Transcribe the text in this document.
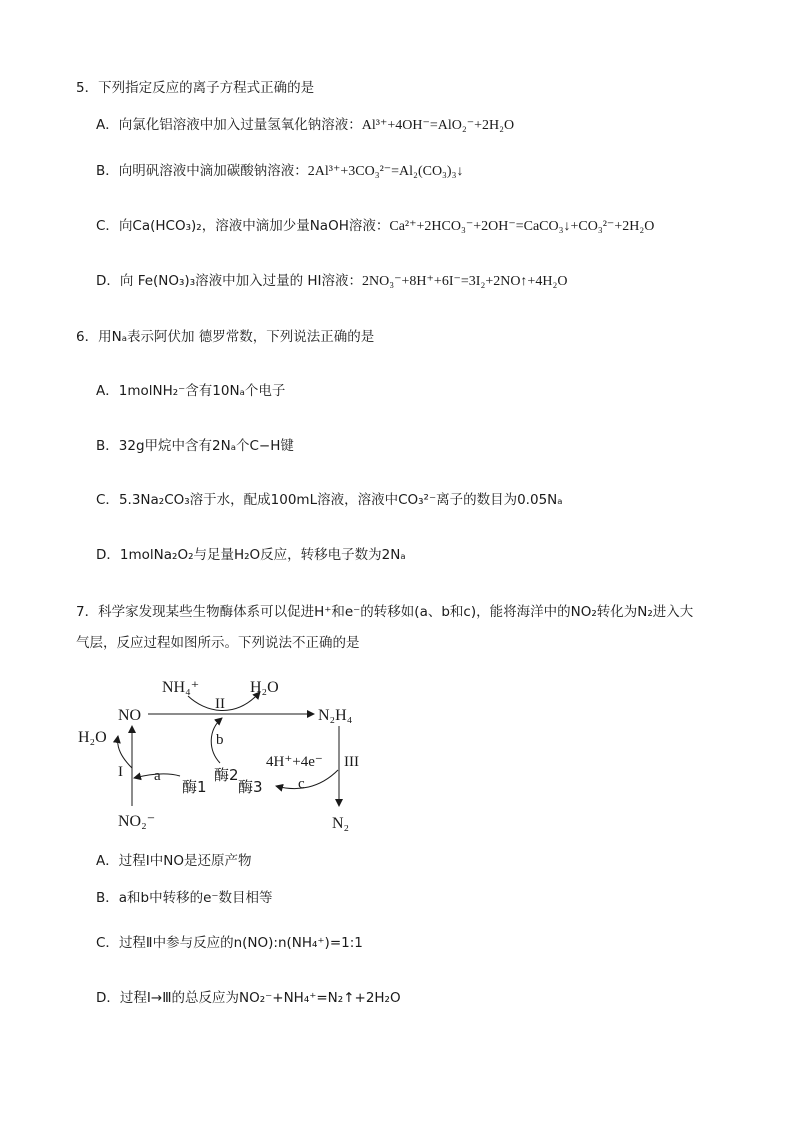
5．下列指定反应的离子方程式正确的是
A．向氯化铝溶液中加入过量氢氧化钠溶液：Al³⁺+4OH⁻=AlO₂⁻+2H₂O
B．向明矾溶液中滴加碳酸钠溶液：2Al³⁺+3CO₃²⁻=Al₂(CO₃)₃↓
C．向Ca(HCO₃)₂，溶液中滴加少量NaOH溶液：Ca²⁺+2HCO₃⁻+2OH⁻=CaCO₃↓+CO₃²⁻+2H₂O
D．向 Fe(NO₃)₃溶液中加入过量的 HI溶液：2NO₃⁻+8H⁺+6I⁻=3I₂+2NO↑+4H₂O
6．用Nₐ表示阿伏加 德罗常数，下列说法正确的是
A．1molNH₂⁻含有10Nₐ个电子
B．32g甲烷中含有2Nₐ个C−H键
C．5.3Na₂CO₃溶于水，配成100mL溶液，溶液中CO₃²⁻离子的数目为0.05Nₐ
D．1molNa₂O₂与足量H₂O反应，转移电子数为2Nₐ
7．科学家发现某些生物酶体系可以促进H⁺和e⁻的转移如(a、b和c)，能将海洋中的NO₂转化为N₂进入大
气层，反应过程如图所示。下列说法不正确的是
NO
NH₄⁺	H₂O
N₂H₄
H₂O
I
II
III
a
b
c
酶1
酶2
酶3
4H⁺+4e⁻
NO₂⁻	N₂
A．过程Ⅰ中NO是还原产物
B．a和b中转移的e⁻数目相等
C．过程Ⅱ中参与反应的n(NO):n(NH₄⁺)=1:1
D．过程Ⅰ→Ⅲ的总反应为NO₂⁻+NH₄⁺=N₂↑+2H₂O
